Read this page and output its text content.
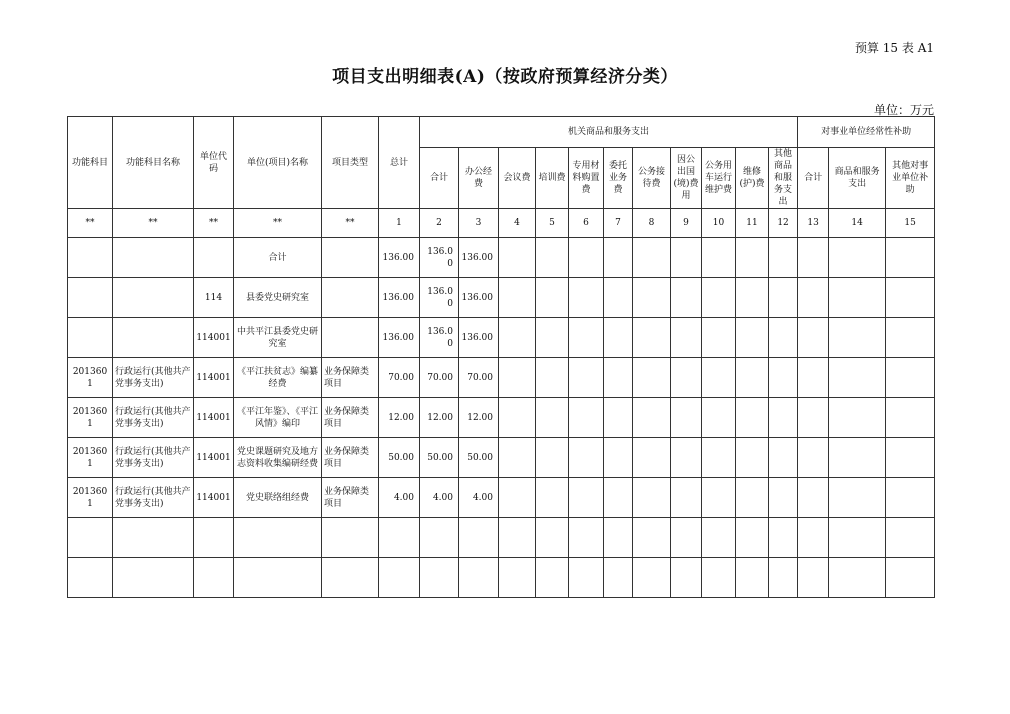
预算 15 表 A1
项目支出明细表(A)（按政府预算经济分类）
单位：万元
功能科目	功能科目名称	单位代码	单位(项目)名称	项目类型	总计	机关商品和服务支出											对事业单位经常性补助		
						合计	办公经费	会议费	培训费	专用材料购置费	委托业务费	公务接待费	因公出国(境)费用	公务用车运行维护费	维修(护)费	其他商品和服务支出	合计	商品和服务支出	其他对事业单位补助
**	**	**	**	**	1	2	3	4	5	6	7	8	9	10	11	12	13	14	15
			合计		136.00	136.00	136.00												
		114	县委党史研究室		136.00	136.00	136.00												
		114001	中共平江县委党史研究室		136.00	136.00	136.00												
2013601	行政运行(其他共产党事务支出)	114001	《平江扶贫志》编纂经费	业务保障类项目	70.00	70.00	70.00												
2013601	行政运行(其他共产党事务支出)	114001	《平江年鉴》、《平江风情》编印	业务保障类项目	12.00	12.00	12.00												
2013601	行政运行(其他共产党事务支出)	114001	党史课题研究及地方志资料收集编研经费	业务保障类项目	50.00	50.00	50.00												
2013601	行政运行(其他共产党事务支出)	114001	党史联络组经费	业务保障类项目	4.00	4.00	4.00												
